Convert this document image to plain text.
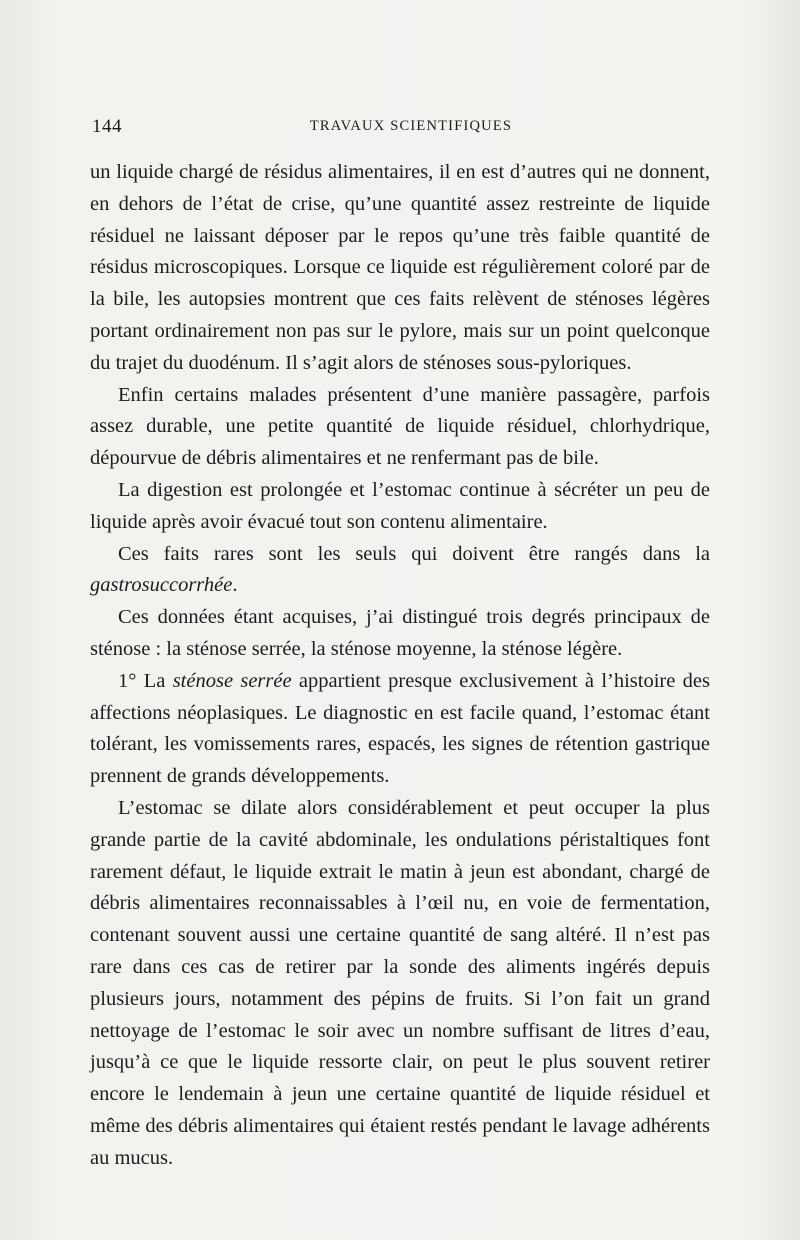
144	TRAVAUX SCIENTIFIQUES

un liquide chargé de résidus alimentaires, il en est d’autres qui ne donnent, en dehors de l’état de crise, qu’une quantité assez restreinte de liquide résiduel ne laissant déposer par le repos qu’une très faible quantité de résidus microscopiques. Lorsque ce liquide est régulièrement coloré par de la bile, les autopsies montrent que ces faits relèvent de sténoses légères portant ordinairement non pas sur le pylore, mais sur un point quelconque du trajet du duodénum. Il s’agit alors de sténoses sous-pyloriques.

Enfin certains malades présentent d’une manière passagère, parfois assez durable, une petite quantité de liquide résiduel, chlorhydrique, dépourvue de débris alimentaires et ne renfermant pas de bile.

La digestion est prolongée et l’estomac continue à sécréter un peu de liquide après avoir évacué tout son contenu alimentaire.

Ces faits rares sont les seuls qui doivent être rangés dans la gastrosuccorrhée.

Ces données étant acquises, j’ai distingué trois degrés principaux de sténose : la sténose serrée, la sténose moyenne, la sténose légère.

1° La sténose serrée appartient presque exclusivement à l’histoire des affections néoplasiques. Le diagnostic en est facile quand, l’estomac étant tolérant, les vomissements rares, espacés, les signes de rétention gastrique prennent de grands développements.

L’estomac se dilate alors considérablement et peut occuper la plus grande partie de la cavité abdominale, les ondulations péristaltiques font rarement défaut, le liquide extrait le matin à jeun est abondant, chargé de débris alimentaires reconnaissables à l’œil nu, en voie de fermentation, contenant souvent aussi une certaine quantité de sang altéré. Il n’est pas rare dans ces cas de retirer par la sonde des aliments ingérés depuis plusieurs jours, notamment des pépins de fruits. Si l’on fait un grand nettoyage de l’estomac le soir avec un nombre suffisant de litres d’eau, jusqu’à ce que le liquide ressorte clair, on peut le plus souvent retirer encore le lendemain à jeun une certaine quantité de liquide résiduel et même des débris alimentaires qui étaient restés pendant le lavage adhérents au mucus.
